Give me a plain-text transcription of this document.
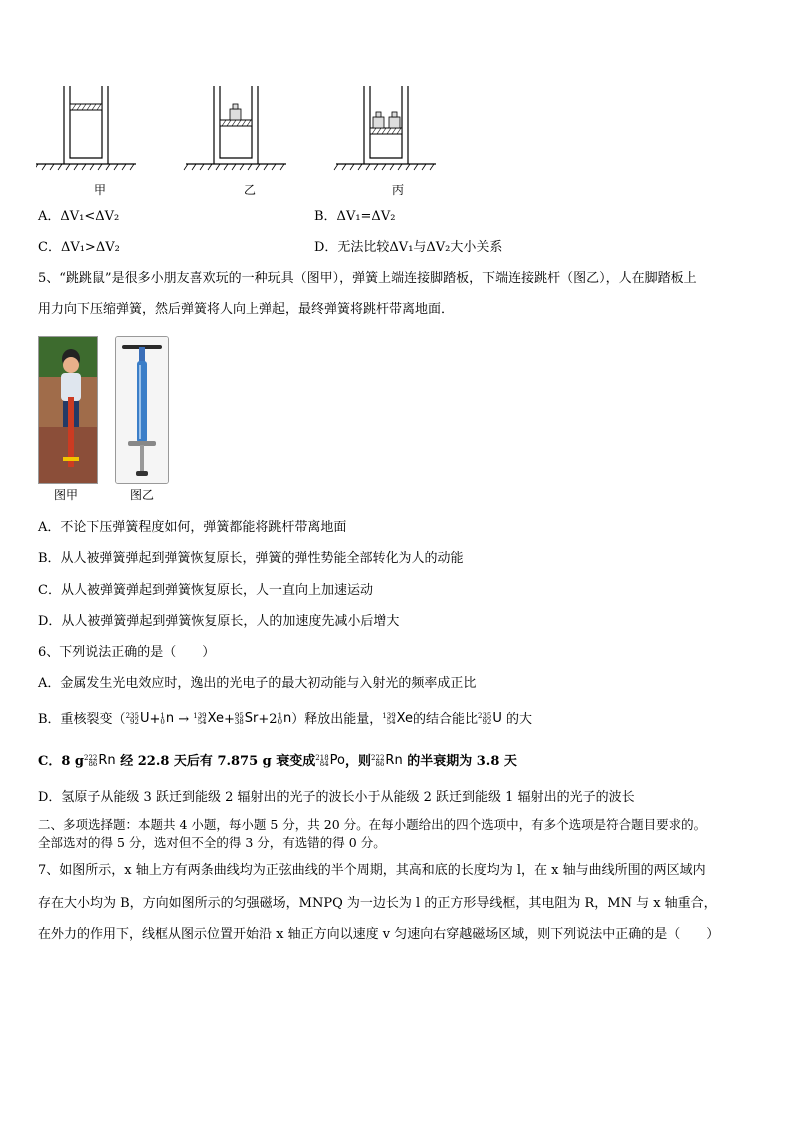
甲	乙	丙
A．ΔV₁<ΔV₂	B．ΔV₁=ΔV₂
C．ΔV₁>ΔV₂	D．无法比较ΔV₁与ΔV₂大小关系
5、“跳跳鼠”是很多小朋友喜欢玩的一种玩具（图甲），弹簧上端连接脚踏板，下端连接跳杆（图乙），人在脚踏板上
用力向下压缩弹簧，然后弹簧将人向上弹起，最终弹簧将跳杆带离地面．
图甲	图乙
A．不论下压弹簧程度如何，弹簧都能将跳杆带离地面
B．从人被弹簧弹起到弹簧恢复原长，弹簧的弹性势能全部转化为人的动能
C．从人被弹簧弹起到弹簧恢复原长，人一直向上加速运动
D．从人被弹簧弹起到弹簧恢复原长，人的加速度先减小后增大
6、下列说法正确的是（　　）
A．金属发生光电效应时，逸出的光电子的最大初动能与入射光的频率成正比
B．重核裂变（ 235
92 U+ 1
0 n → 139
54 Xe+ 95
38 Sr+2 1
0 n）释放出能量， 139
54 Xe的结合能比 235
92 U 的大
C．8 g 222
86 Rn 经 22.8 天后有 7.875 g 衰变成 218
84 Po，则 222
86 Rn 的半衰期为 3.8 天
D．氢原子从能级 3 跃迁到能级 2 辐射出的光子的波长小于从能级 2 跃迁到能级 1 辐射出的光子的波长
二、多项选择题：本题共 4 小题，每小题 5 分，共 20 分。在每小题给出的四个选项中，有多个选项是符合题目要求的。
全部选对的得 5 分，选对但不全的得 3 分，有选错的得 0 分。
7、如图所示，x 轴上方有两条曲线均为正弦曲线的半个周期，其高和底的长度均为 l，在 x 轴与曲线所围的两区域内
存在大小均为 B，方向如图所示的匀强磁场，MNPQ 为一边长为 l 的正方形导线框，其电阻为 R，MN 与 x 轴重合，
在外力的作用下，线框从图示位置开始沿 x 轴正方向以速度 v 匀速向右穿越磁场区域，则下列说法中正确的是（　　）
